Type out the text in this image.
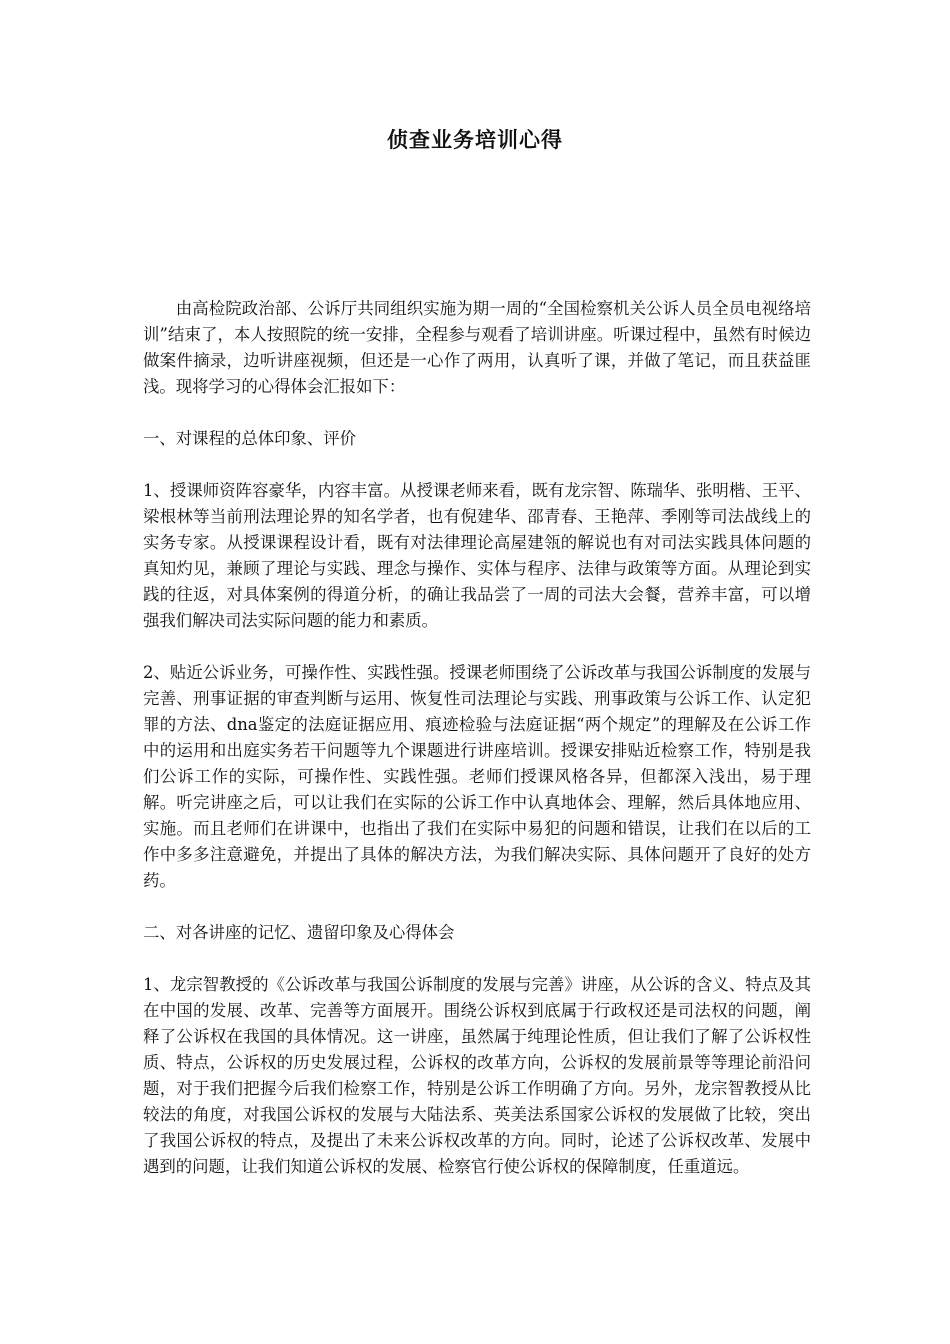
侦查业务培训心得

由高检院政治部、公诉厅共同组织实施为期一周的“全国检察机关公诉人员全员电视络培训”结束了，本人按照院的统一安排，全程参与观看了培训讲座。听课过程中，虽然有时候边做案件摘录，边听讲座视频，但还是一心作了两用，认真听了课，并做了笔记，而且获益匪浅。现将学习的心得体会汇报如下：

一、对课程的总体印象、评价

1、授课师资阵容豪华，内容丰富。从授课老师来看，既有龙宗智、陈瑞华、张明楷、王平、梁根林等当前刑法理论界的知名学者，也有倪建华、邵青春、王艳萍、季刚等司法战线上的实务专家。从授课课程设计看，既有对法律理论高屋建瓴的解说也有对司法实践具体问题的真知灼见，兼顾了理论与实践、理念与操作、实体与程序、法律与政策等方面。从理论到实践的往返，对具体案例的得道分析，的确让我品尝了一周的司法大会餐，营养丰富，可以增强我们解决司法实际问题的能力和素质。

2、贴近公诉业务，可操作性、实践性强。授课老师围绕了公诉改革与我国公诉制度的发展与完善、刑事证据的审查判断与运用、恢复性司法理论与实践、刑事政策与公诉工作、认定犯罪的方法、dna鉴定的法庭证据应用、痕迹检验与法庭证据“两个规定”的理解及在公诉工作中的运用和出庭实务若干问题等九个课题进行讲座培训。授课安排贴近检察工作，特别是我们公诉工作的实际，可操作性、实践性强。老师们授课风格各异，但都深入浅出，易于理解。听完讲座之后，可以让我们在实际的公诉工作中认真地体会、理解，然后具体地应用、实施。而且老师们在讲课中，也指出了我们在实际中易犯的问题和错误，让我们在以后的工作中多多注意避免，并提出了具体的解决方法，为我们解决实际、具体问题开了良好的处方药。

二、对各讲座的记忆、遗留印象及心得体会

1、龙宗智教授的《公诉改革与我国公诉制度的发展与完善》讲座，从公诉的含义、特点及其在中国的发展、改革、完善等方面展开。围绕公诉权到底属于行政权还是司法权的问题，阐释了公诉权在我国的具体情况。这一讲座，虽然属于纯理论性质，但让我们了解了公诉权性质、特点，公诉权的历史发展过程，公诉权的改革方向，公诉权的发展前景等等理论前沿问题，对于我们把握今后我们检察工作，特别是公诉工作明确了方向。另外，龙宗智教授从比较法的角度，对我国公诉权的发展与大陆法系、英美法系国家公诉权的发展做了比较，突出了我国公诉权的特点，及提出了未来公诉权改革的方向。同时，论述了公诉权改革、发展中遇到的问题，让我们知道公诉权的发展、检察官行使公诉权的保障制度，任重道远。
